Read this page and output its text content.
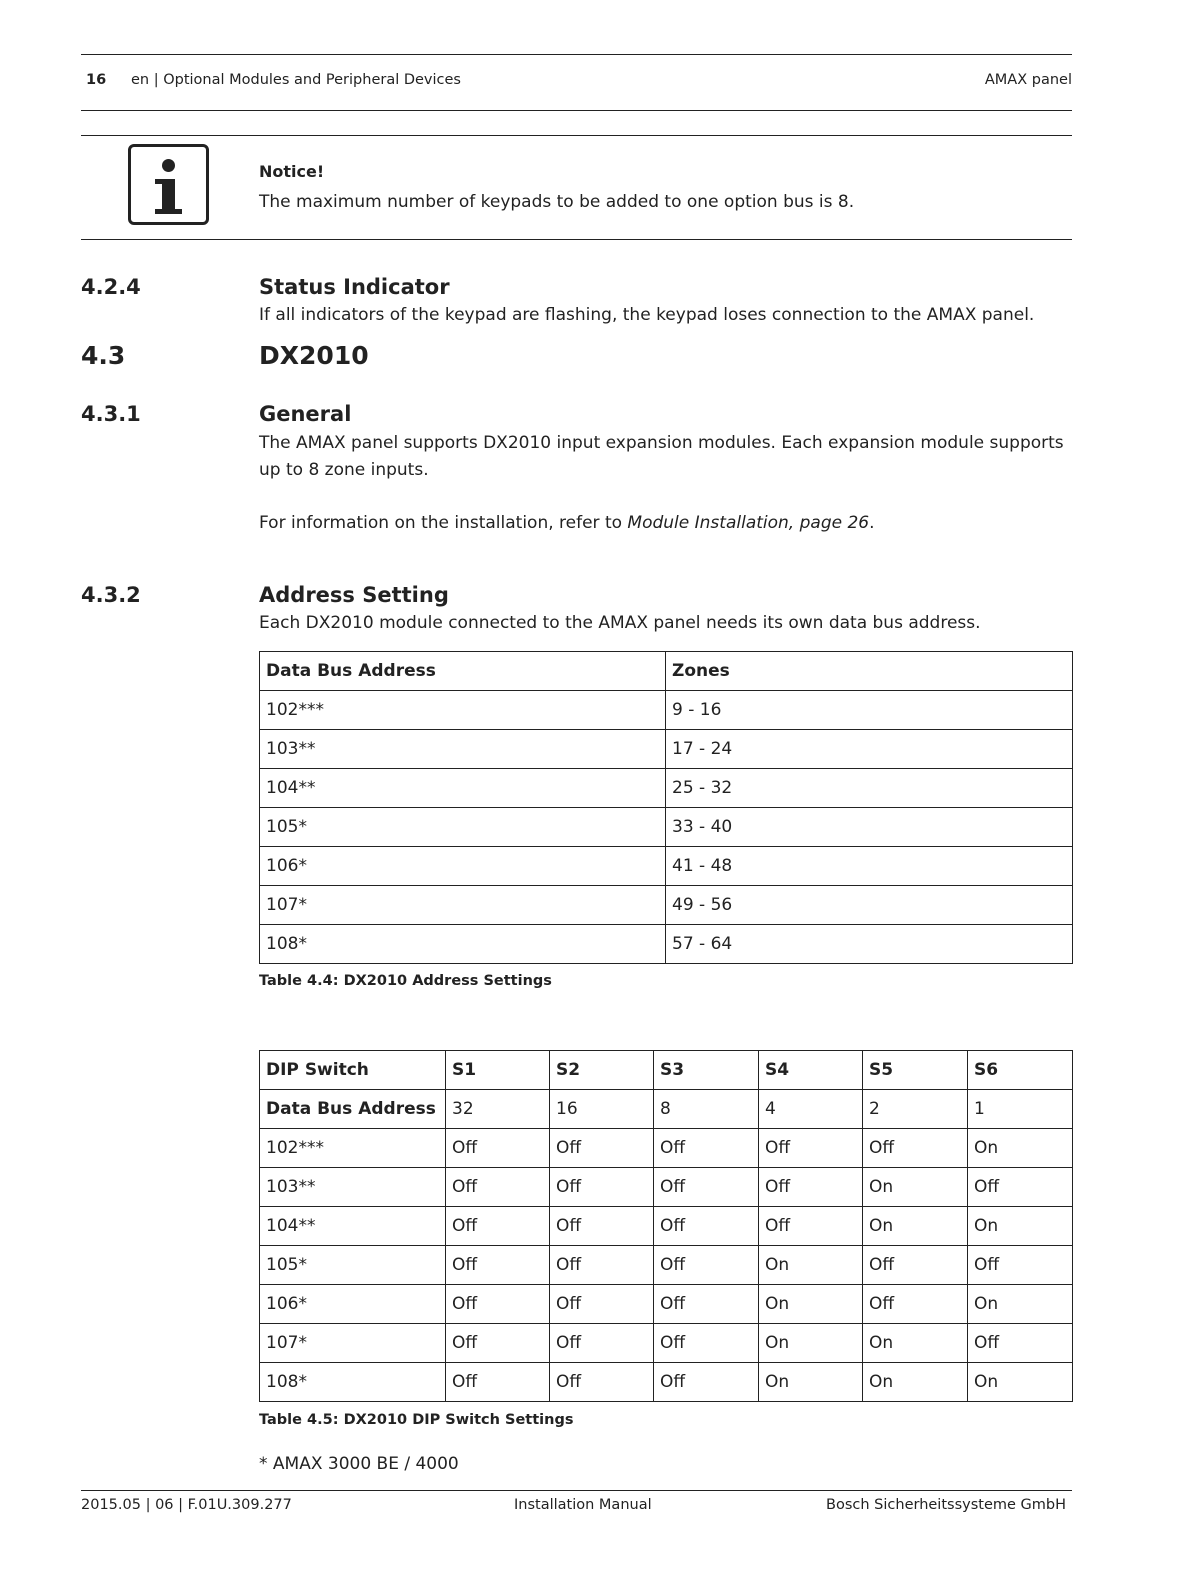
16 en | Optional Modules and Peripheral Devices	AMAX panel
Notice!
The maximum number of keypads to be added to one option bus is 8.
4.2.4	Status Indicator
If all indicators of the keypad are flashing, the keypad loses connection to the AMAX panel.
4.3	DX2010
4.3.1	General
The AMAX panel supports DX2010 input expansion modules. Each expansion module supports up to 8 zone inputs.
For information on the installation, refer to Module Installation, page 26.
4.3.2	Address Setting
Each DX2010 module connected to the AMAX panel needs its own data bus address.
Data Bus Address	Zones
102***	9 - 16
103**	17 - 24
104**	25 - 32
105*	33 - 40
106*	41 - 48
107*	49 - 56
108*	57 - 64
Table 4.4: DX2010 Address Settings
DIP Switch	S1	S2	S3	S4	S5	S6
Data Bus Address	32	16	8	4	2	1
102***	Off	Off	Off	Off	Off	On
103**	Off	Off	Off	Off	On	Off
104**	Off	Off	Off	Off	On	On
105*	Off	Off	Off	On	Off	Off
106*	Off	Off	Off	On	Off	On
107*	Off	Off	Off	On	On	Off
108*	Off	Off	Off	On	On	On
Table 4.5: DX2010 DIP Switch Settings
* AMAX 3000 BE / 4000
2015.05 | 06 | F.01U.309.277	Installation Manual	Bosch Sicherheitssysteme GmbH
